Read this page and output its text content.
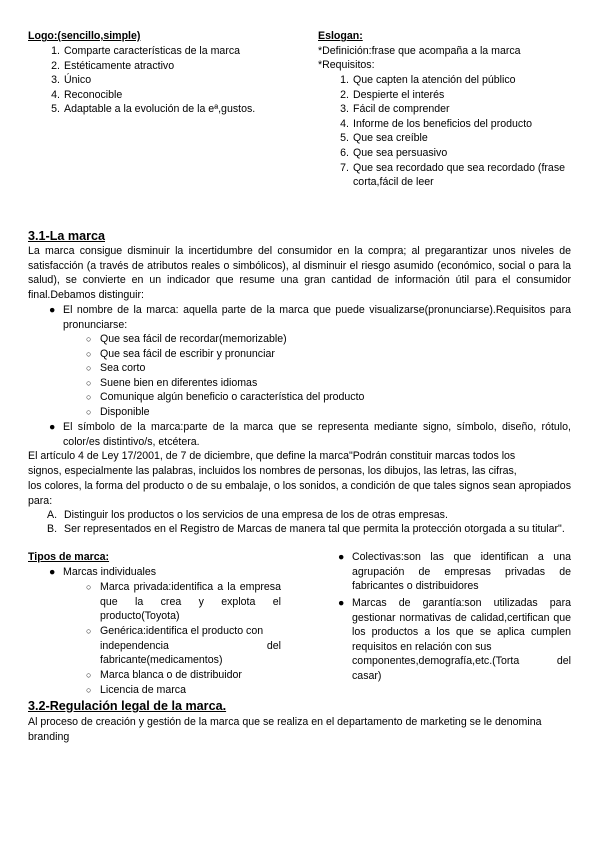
Logo:(sencillo,simple)
1. Comparte características de la marca
2. Estéticamente atractivo
3. Único
4. Reconocible
5. Adaptable a la evolución de la eª,gustos.
Eslogan:
*Definición:frase que acompaña a la marca
*Requisitos:
1. Que capten la atención del público
2. Despierte el interés
3. Fácil de comprender
4. Informe de los beneficios del producto
5. Que sea creíble
6. Que sea persuasivo
7. Que sea recordado que sea recordado (frase corta,fácil de leer
3.1-La marca
La marca consigue disminuir la incertidumbre del consumidor en la compra; al pregarantizar unos niveles de satisfacción (a través de atributos reales o simbólicos), al disminuir el riesgo asumido (económico, social o para la salud), se convierte en un indicador que resume una gran cantidad de información útil para el consumidor final.Debamos distinguir:
● El nombre de la marca: aquella parte de la marca que puede visualizarse(pronunciarse).Requisitos para pronunciarse:
○ Que sea fácil de recordar(memorizable)
○ Que sea fácil de escribir y pronunciar
○ Sea corto
○ Suene bien en diferentes idiomas
○ Comunique algún beneficio o característica del producto
○ Disponible
● El símbolo de la marca:parte de la marca que se representa mediante signo, símbolo, diseño, rótulo, color/es distintivo/s, etcétera.
El artículo 4 de Ley 17/2001, de 7 de diciembre, que define la marca"Podrán constituir marcas todos los
signos, especialmente las palabras, incluidos los nombres de personas, los dibujos, las letras, las cifras,
los colores, la forma del producto o de su embalaje, o los sonidos, a condición de que tales signos sean apropiados para:
A. Distinguir los productos o los servicios de una empresa de los de otras empresas.
B. Ser representados en el Registro de Marcas de manera tal que permita la protección otorgada a su titular".
Tipos de marca:
● Marcas individuales
○ Marca privada:identifica a la empresa que la crea y explota el producto(Toyota)
○ Genérica:identifica el producto con
independencia	del
fabricante(medicamentos)
○ Marca blanca o de distribuidor
○ Licencia de marca
● Colectivas:son las que identifican a una agrupación de empresas privadas de fabricantes o distribuidores
● Marcas de garantía:son utilizadas para gestionar normativas de calidad,certifican que los productos a los que se aplica cumplen requisitos en relación con sus
componentes,demografía,etc.(Torta	del
casar)
3.2-Regulación legal de la marca.
Al proceso de creación y gestión de la marca que se realiza en el departamento de marketing se le denomina branding
